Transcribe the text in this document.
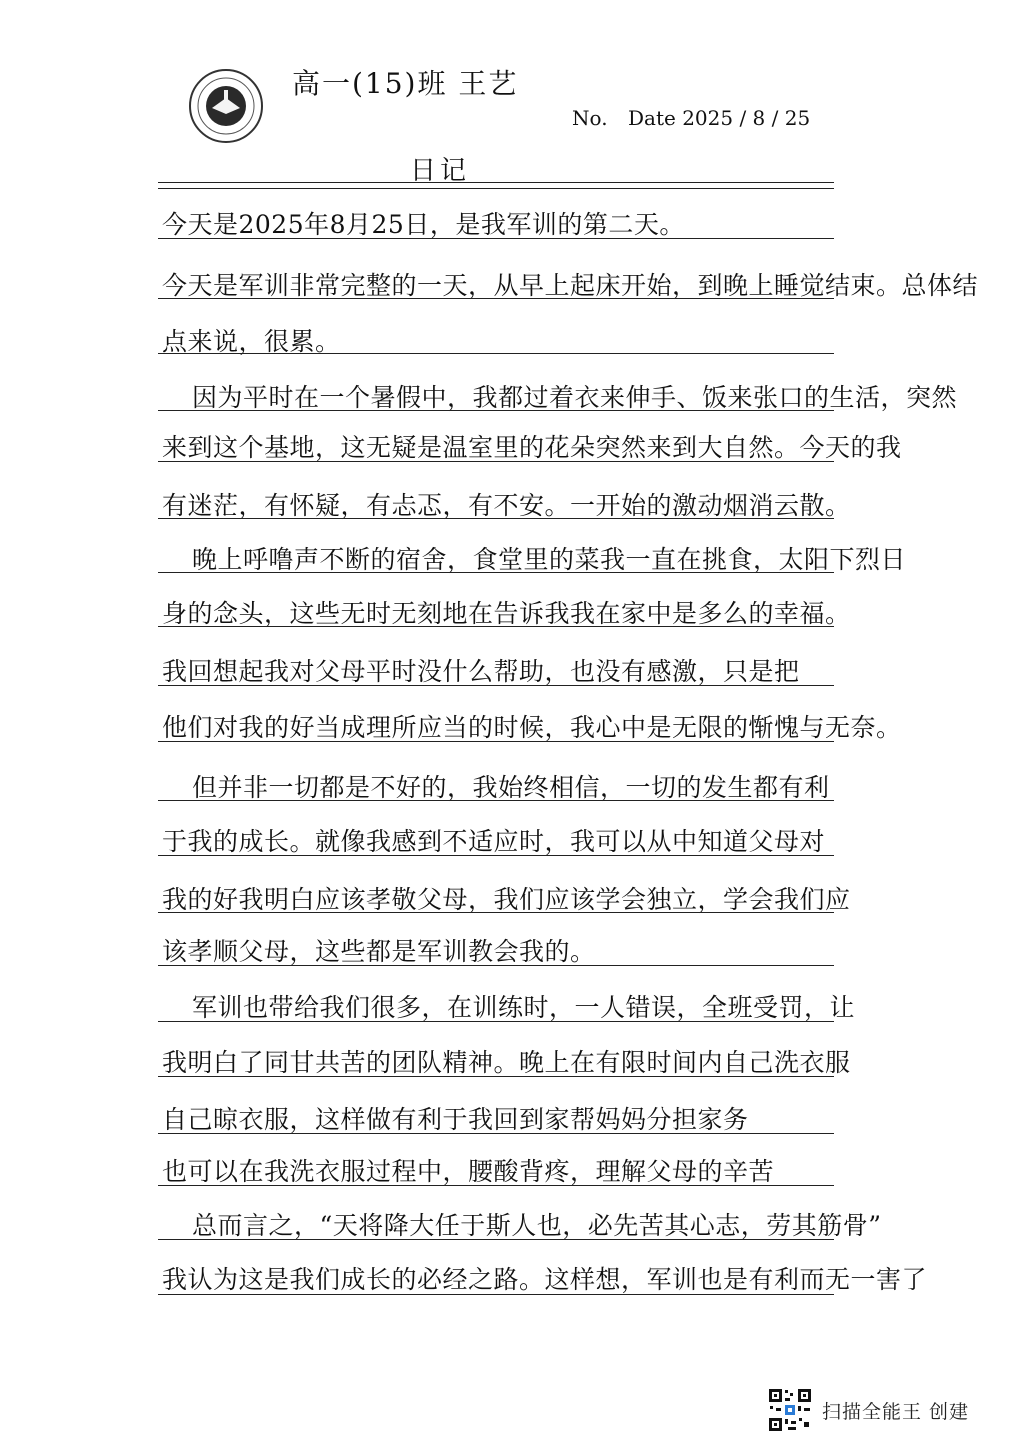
高一(15)班 王艺
No. Date 2025 / 8 / 25
日记
今天是2025年8月25日，是我军训的第二天。
今天是军训非常完整的一天，从早上起床开始，到晚上睡觉结束。总体结
点来说，很累。
因为平时在一个暑假中，我都过着衣来伸手、饭来张口的生活，突然
来到这个基地，这无疑是温室里的花朵突然来到大自然。今天的我
有迷茫，有怀疑，有忐忑，有不安。一开始的激动烟消云散。
晚上呼噜声不断的宿舍，食堂里的菜我一直在挑食，太阳下烈日
身的念头，这些无时无刻地在告诉我我在家中是多么的幸福。
我回想起我对父母平时没什么帮助，也没有感激，只是把
他们对我的好当成理所应当的时候，我心中是无限的惭愧与无奈。
但并非一切都是不好的，我始终相信，一切的发生都有利
于我的成长。就像我感到不适应时，我可以从中知道父母对
我的好我明白应该孝敬父母，我们应该学会独立，学会我们应
该孝顺父母，这些都是军训教会我的。
军训也带给我们很多，在训练时，一人错误，全班受罚，让
我明白了同甘共苦的团队精神。晚上在有限时间内自己洗衣服
自己晾衣服，这样做有利于我回到家帮妈妈分担家务
也可以在我洗衣服过程中，腰酸背疼，理解父母的辛苦
总而言之，“天将降大任于斯人也，必先苦其心志，劳其筋骨”
我认为这是我们成长的必经之路。这样想，军训也是有利而无一害了
扫描全能王 创建
